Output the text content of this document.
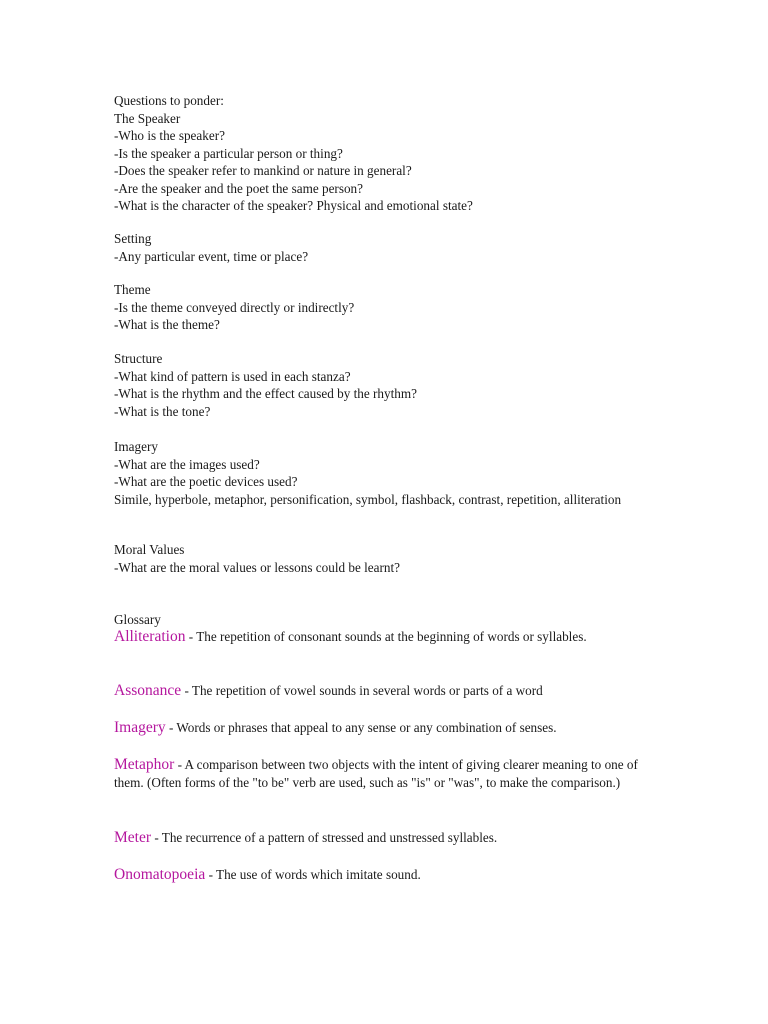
Questions to ponder:
The Speaker
-Who is the speaker?
-Is the speaker a particular person or thing?
-Does the speaker refer to mankind or nature in general?
-Are the speaker and the poet the same person?
-What is the character of the speaker? Physical and emotional state?
Setting
-Any particular event, time or place?
Theme
-Is the theme conveyed directly or indirectly?
-What is the theme?
Structure
-What kind of pattern is used in each stanza?
-What is the rhythm and the effect caused by the rhythm?
-What is the tone?
Imagery
-What are the images used?
-What are the poetic devices used?
Simile, hyperbole, metaphor, personification, symbol, flashback, contrast, repetition, alliteration
Moral Values
-What are the moral values or lessons could be learnt?
Glossary
Alliteration - The repetition of consonant sounds at the beginning of words or syllables.
Assonance - The repetition of vowel sounds in several words or parts of a word
Imagery - Words or phrases that appeal to any sense or any combination of senses.
Metaphor - A comparison between two objects with the intent of giving clearer meaning to one of them. (Often forms of the "to be" verb are used, such as "is" or "was", to make the comparison.)
Meter - The recurrence of a pattern of stressed and unstressed syllables.
Onomatopoeia - The use of words which imitate sound.
